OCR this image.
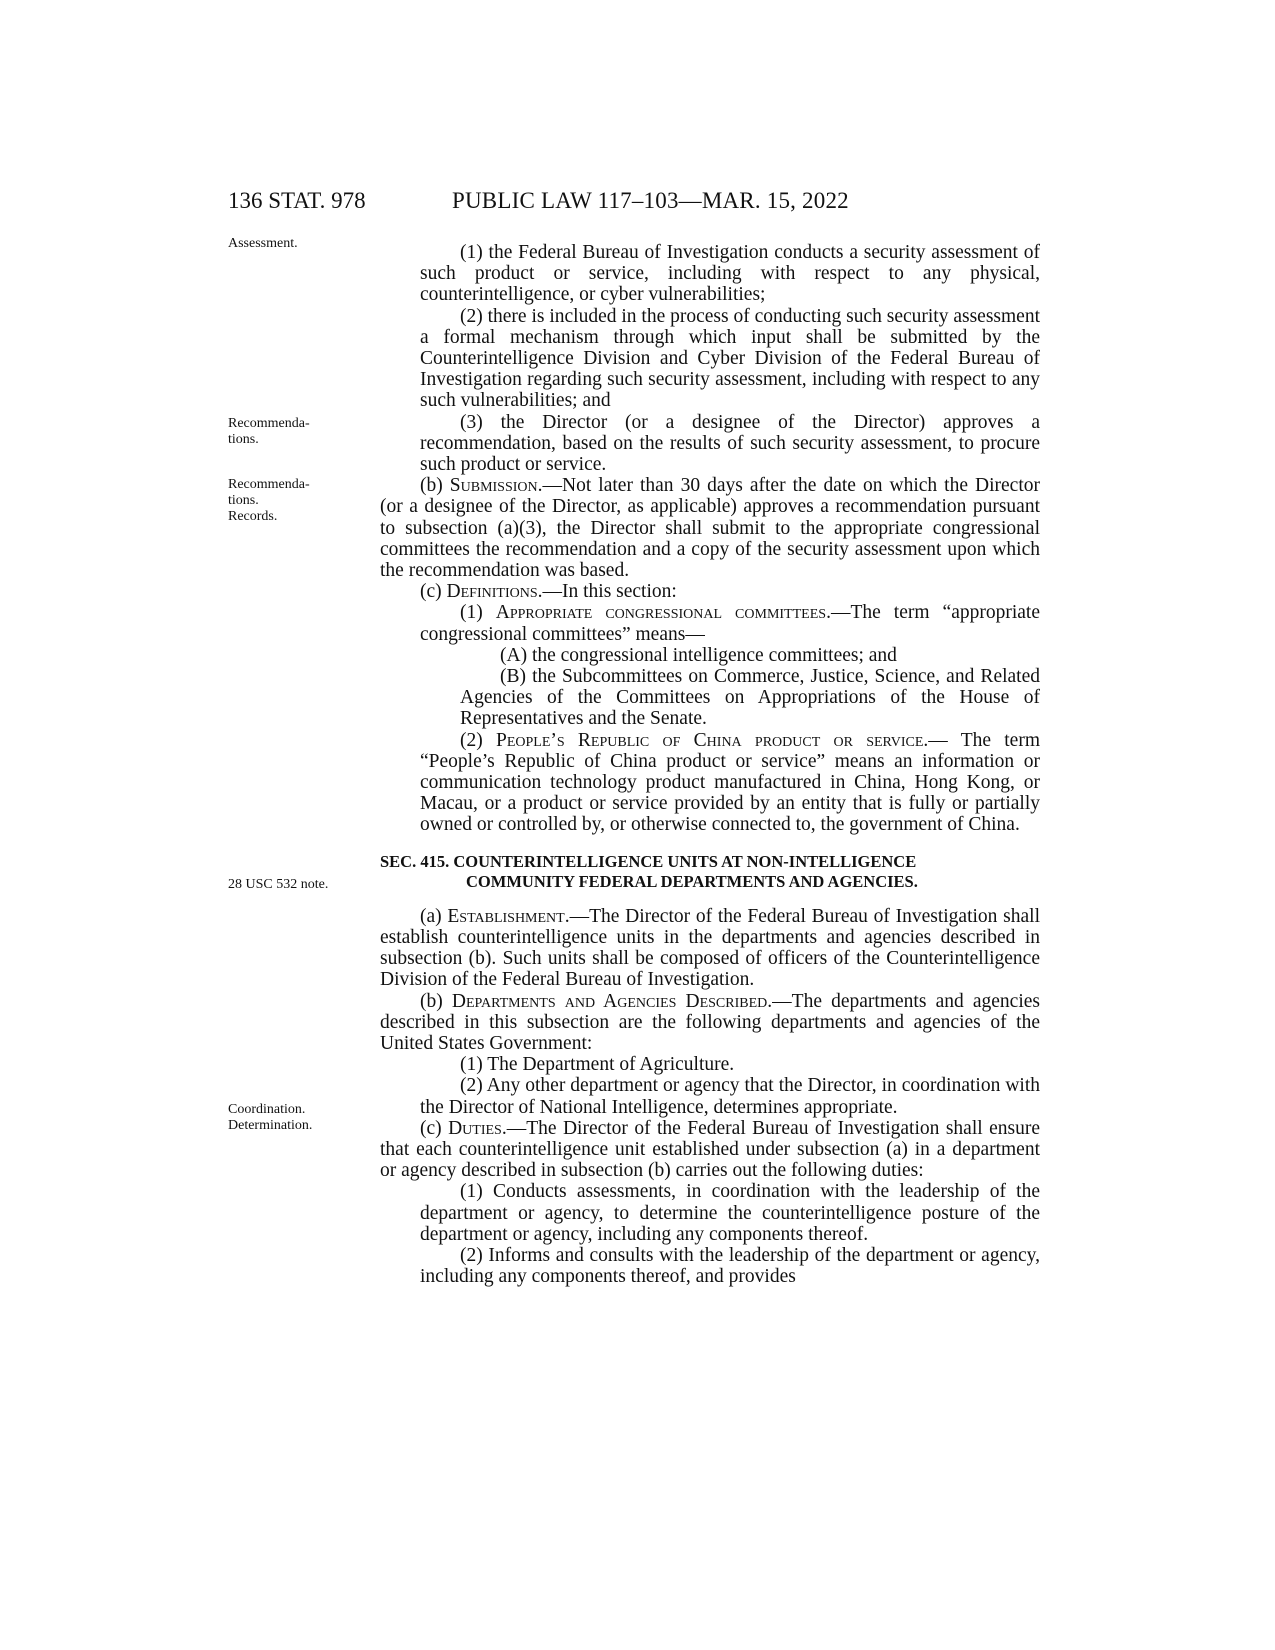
136 STAT. 978	PUBLIC LAW 117–103—MAR. 15, 2022
Assessment.
Recommenda-
tions.
Recommenda-
tions.
Records.
28 USC 532 note.
Coordination.
Determination.

(1) the Federal Bureau of Investigation conducts a security assessment of such product or service, including with respect to any physical, counterintelligence, or cyber vulnerabilities;

(2) there is included in the process of conducting such security assessment a formal mechanism through which input shall be submitted by the Counterintelligence Division and Cyber Division of the Federal Bureau of Investigation regarding such security assessment, including with respect to any such vulnerabilities; and

(3) the Director (or a designee of the Director) approves a recommendation, based on the results of such security assessment, to procure such product or service.

(b) Submission.—Not later than 30 days after the date on which the Director (or a designee of the Director, as applicable) approves a recommendation pursuant to subsection (a)(3), the Director shall submit to the appropriate congressional committees the recommendation and a copy of the security assessment upon which the recommendation was based.

(c) Definitions.—In this section:

(1) Appropriate congressional committees.—The term “appropriate congressional committees” means—

(A) the congressional intelligence committees; and

(B) the Subcommittees on Commerce, Justice, Science, and Related Agencies of the Committees on Appropriations of the House of Representatives and the Senate.

(2) People’s Republic of China product or service.— The term “People’s Republic of China product or service” means an information or communication technology product manufactured in China, Hong Kong, or Macau, or a product or service provided by an entity that is fully or partially owned or controlled by, or otherwise connected to, the government of China.

SEC. 415. COUNTERINTELLIGENCE UNITS AT NON-INTELLIGENCE
COMMUNITY FEDERAL DEPARTMENTS AND AGENCIES.

(a) Establishment.—The Director of the Federal Bureau of Investigation shall establish counterintelligence units in the departments and agencies described in subsection (b). Such units shall be composed of officers of the Counterintelligence Division of the Federal Bureau of Investigation.

(b) Departments and Agencies Described.—The departments and agencies described in this subsection are the following departments and agencies of the United States Government:

(1) The Department of Agriculture.

(2) Any other department or agency that the Director, in coordination with the Director of National Intelligence, determines appropriate.

(c) Duties.—The Director of the Federal Bureau of Investigation shall ensure that each counterintelligence unit established under subsection (a) in a department or agency described in subsection (b) carries out the following duties:

(1) Conducts assessments, in coordination with the leadership of the department or agency, to determine the counterintelligence posture of the department or agency, including any components thereof.

(2) Informs and consults with the leadership of the department or agency, including any components thereof, and provides
